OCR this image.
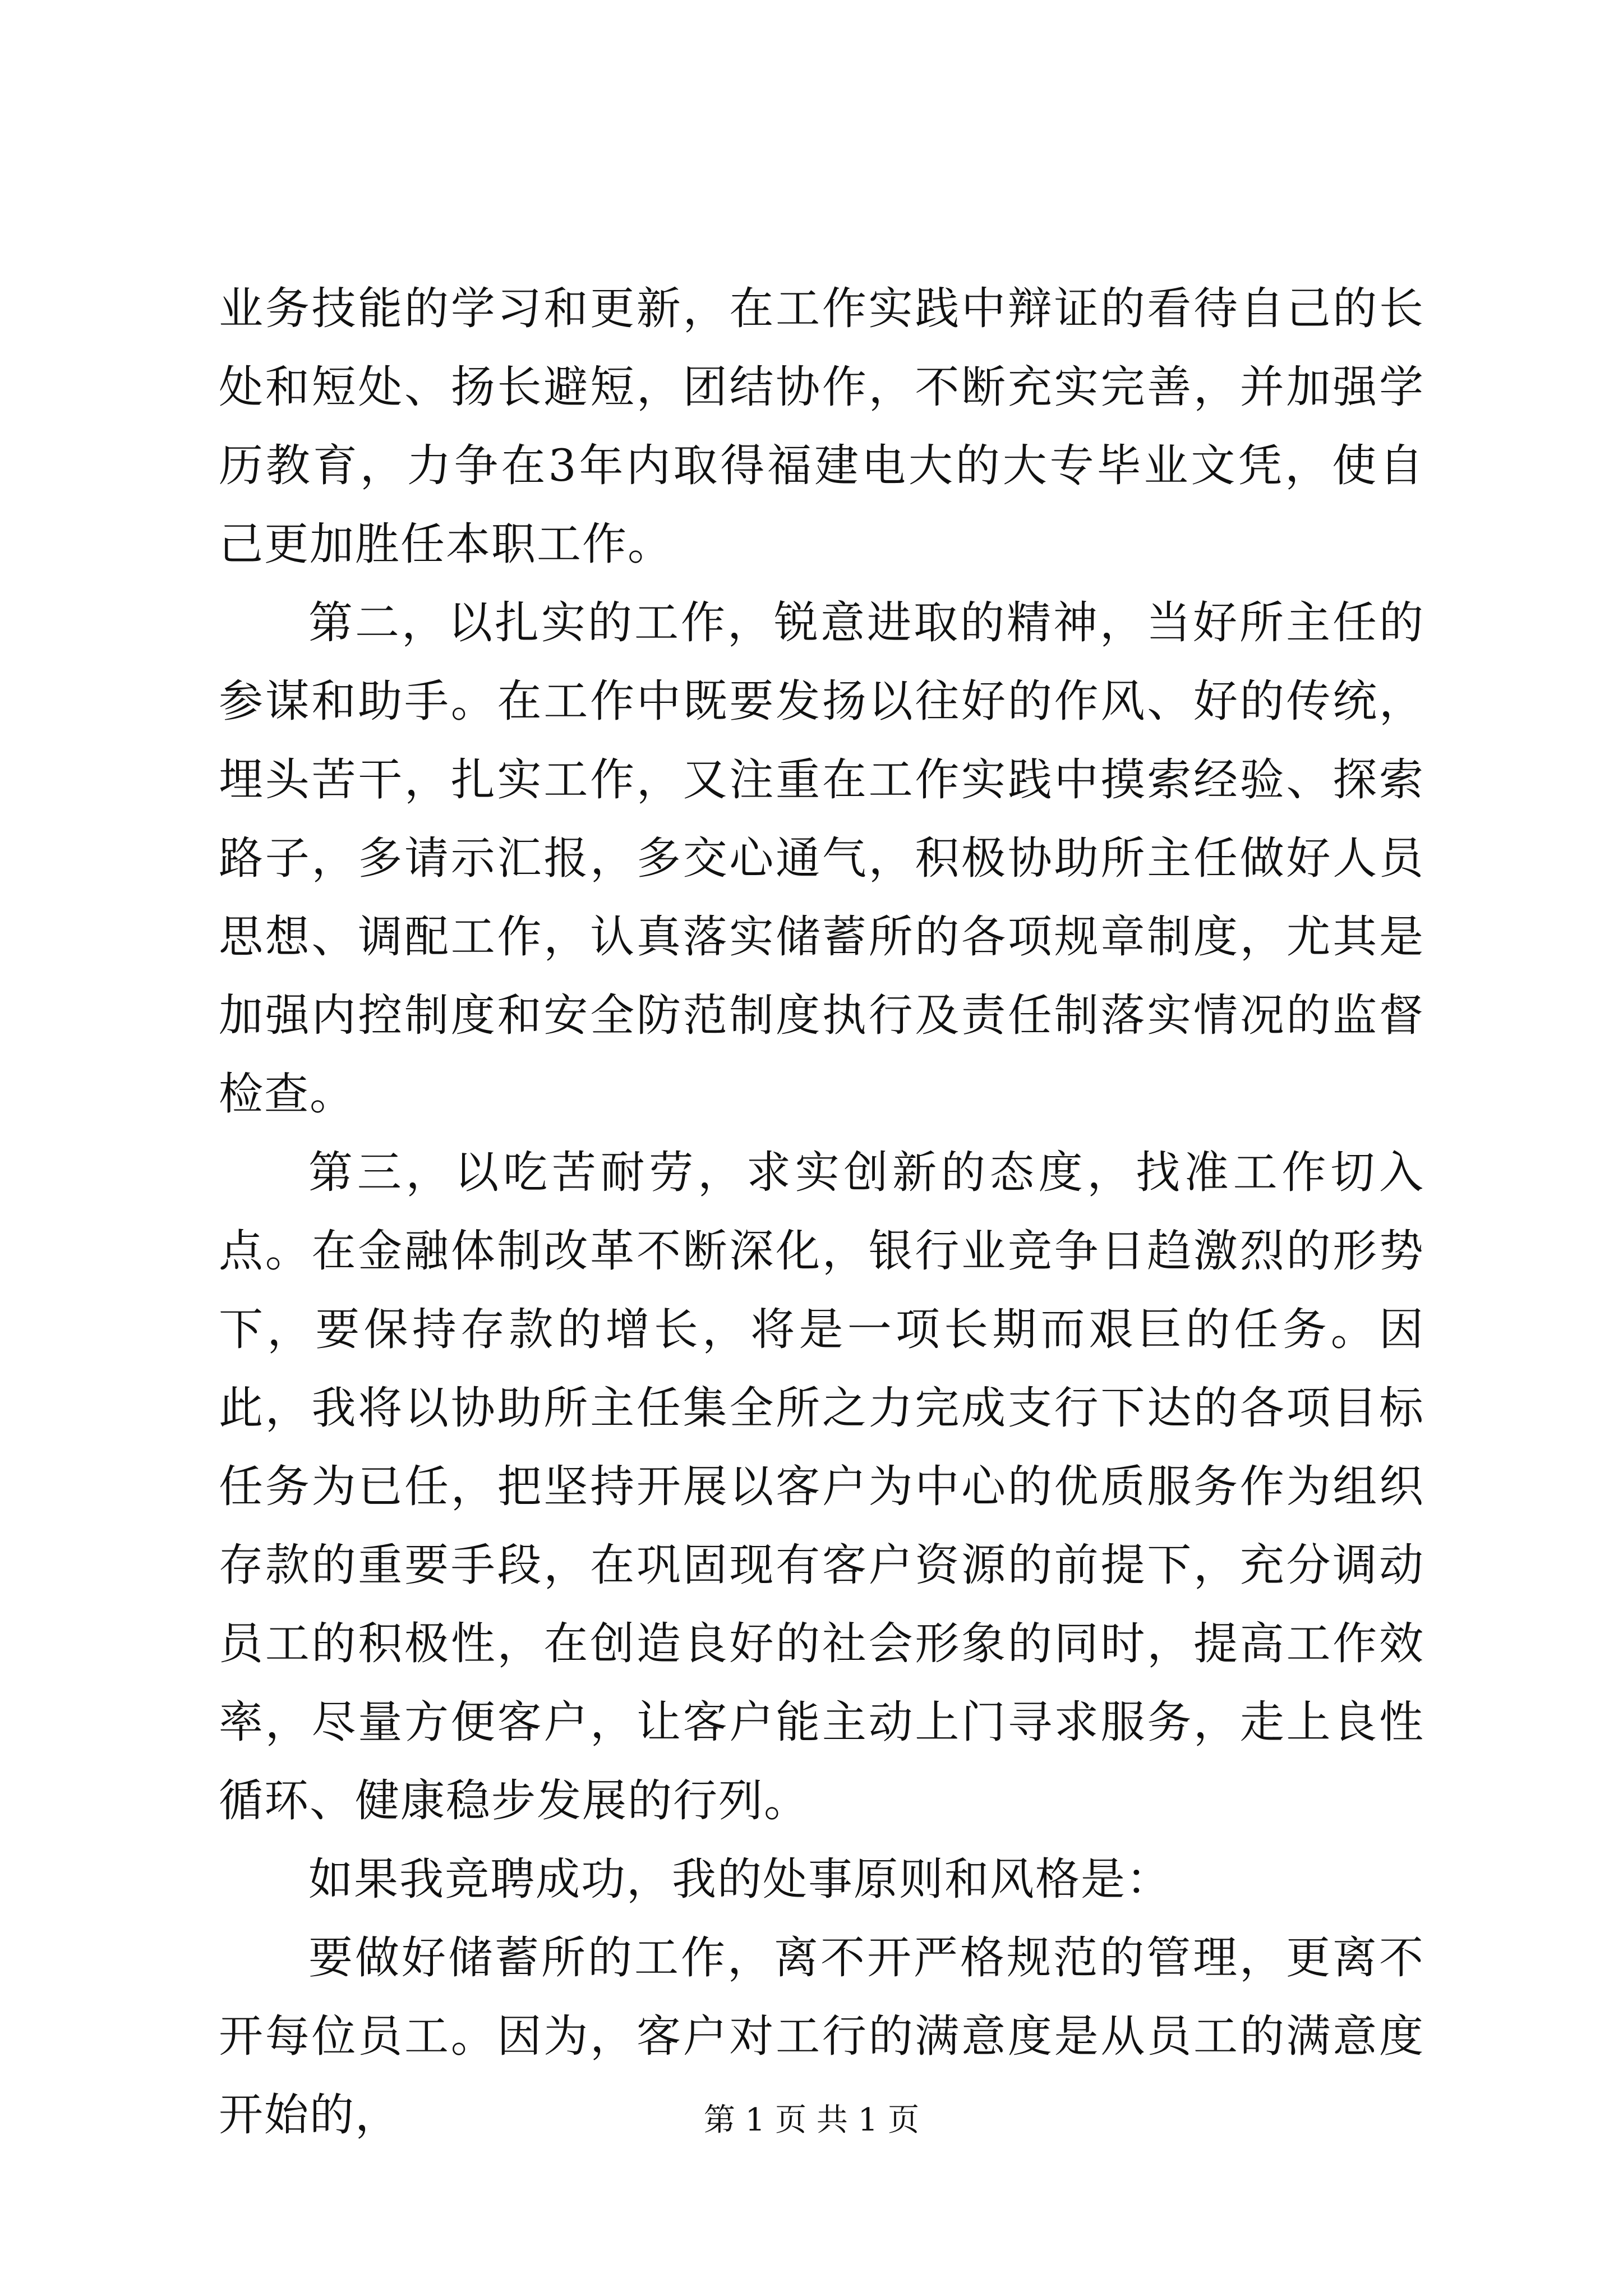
业务技能的学习和更新，在工作实践中辩证的看待自己的长处和短处、扬长避短，团结协作，不断充实完善，并加强学历教育，力争在3年内取得福建电大的大专毕业文凭，使自己更加胜任本职工作。

第二，以扎实的工作，锐意进取的精神，当好所主任的参谋和助手。在工作中既要发扬以往好的作风、好的传统，埋头苦干，扎实工作，又注重在工作实践中摸索经验、探索路子，多请示汇报，多交心通气，积极协助所主任做好人员思想、调配工作，认真落实储蓄所的各项规章制度，尤其是加强内控制度和安全防范制度执行及责任制落实情况的监督检查。

第三，以吃苦耐劳，求实创新的态度，找准工作切入点。在金融体制改革不断深化，银行业竞争日趋激烈的形势下，要保持存款的增长，将是一项长期而艰巨的任务。因此，我将以协助所主任集全所之力完成支行下达的各项目标任务为已任，把坚持开展以客户为中心的优质服务作为组织存款的重要手段，在巩固现有客户资源的前提下，充分调动员工的积极性，在创造良好的社会形象的同时，提高工作效率，尽量方便客户，让客户能主动上门寻求服务，走上良性循环、健康稳步发展的行列。

如果我竞聘成功，我的处事原则和风格是：

要做好储蓄所的工作，离不开严格规范的管理，更离不开每位员工。因为，客户对工行的满意度是从员工的满意度开始的，	第 1 页 共 1 页
